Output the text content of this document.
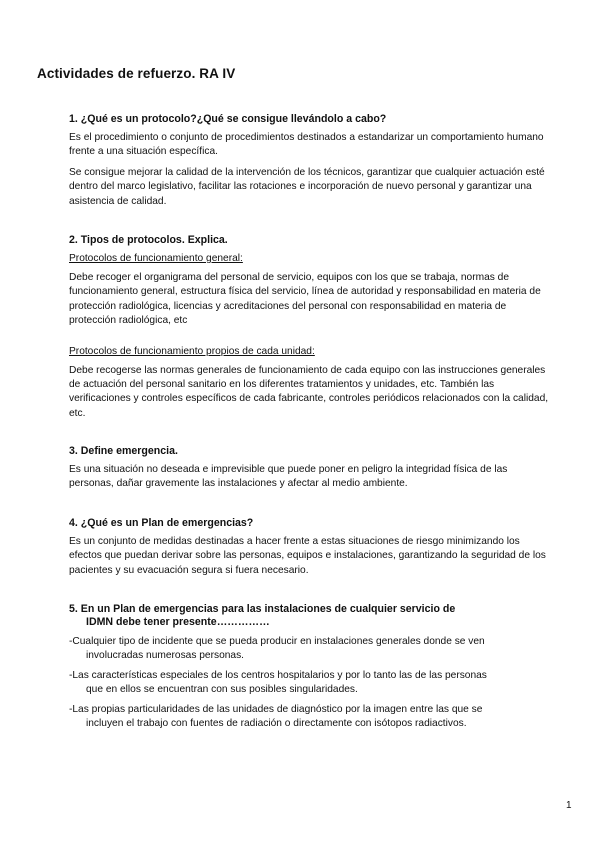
Actividades de refuerzo. RA IV

1. ¿Qué es un protocolo?¿Qué se consigue llevándolo a cabo?

Es el procedimiento o conjunto de procedimientos destinados a estandarizar un comportamiento humano frente a una situación específica.

Se consigue mejorar la calidad de la intervención de los técnicos, garantizar que cualquier actuación esté dentro del marco legislativo, facilitar las rotaciones e incorporación de nuevo personal y garantizar una asistencia de calidad.

2. Tipos de protocolos. Explica.

Protocolos de funcionamiento general:

Debe recoger el organigrama del personal de servicio, equipos con los que se trabaja, normas de funcionamiento general, estructura física del servicio, línea de autoridad y responsabilidad en materia de protección radiológica, licencias y acreditaciones del personal con responsabilidad en materia de protección radiológica, etc

Protocolos de funcionamiento propios de cada unidad:

Debe recogerse las normas generales de funcionamiento de cada equipo con las instrucciones generales de actuación del personal sanitario en los diferentes tratamientos y unidades, etc. También las verificaciones y controles específicos de cada fabricante, controles periódicos relacionados con la calidad, etc.

3. Define emergencia.

Es una situación no deseada e imprevisible que puede poner en peligro la integridad física de las personas, dañar gravemente las instalaciones y afectar al medio ambiente.

4. ¿Qué es un Plan de emergencias?

Es un conjunto de medidas destinadas a hacer frente a estas situaciones de riesgo minimizando los efectos que puedan derivar sobre las personas, equipos e instalaciones, garantizando la seguridad de los pacientes y su evacuación segura si fuera necesario.

5. En un Plan de emergencias para las instalaciones de cualquier servicio de
IDMN debe tener presente……………

-Cualquier tipo de incidente que se pueda producir en instalaciones generales donde se ven involucradas numerosas personas.
-Las características especiales de los centros hospitalarios y por lo tanto las de las personas que en ellos se encuentran con sus posibles singularidades.
-Las propias particularidades de las unidades de diagnóstico por la imagen entre las que se incluyen el trabajo con fuentes de radiación o directamente con isótopos radiactivos.
1
